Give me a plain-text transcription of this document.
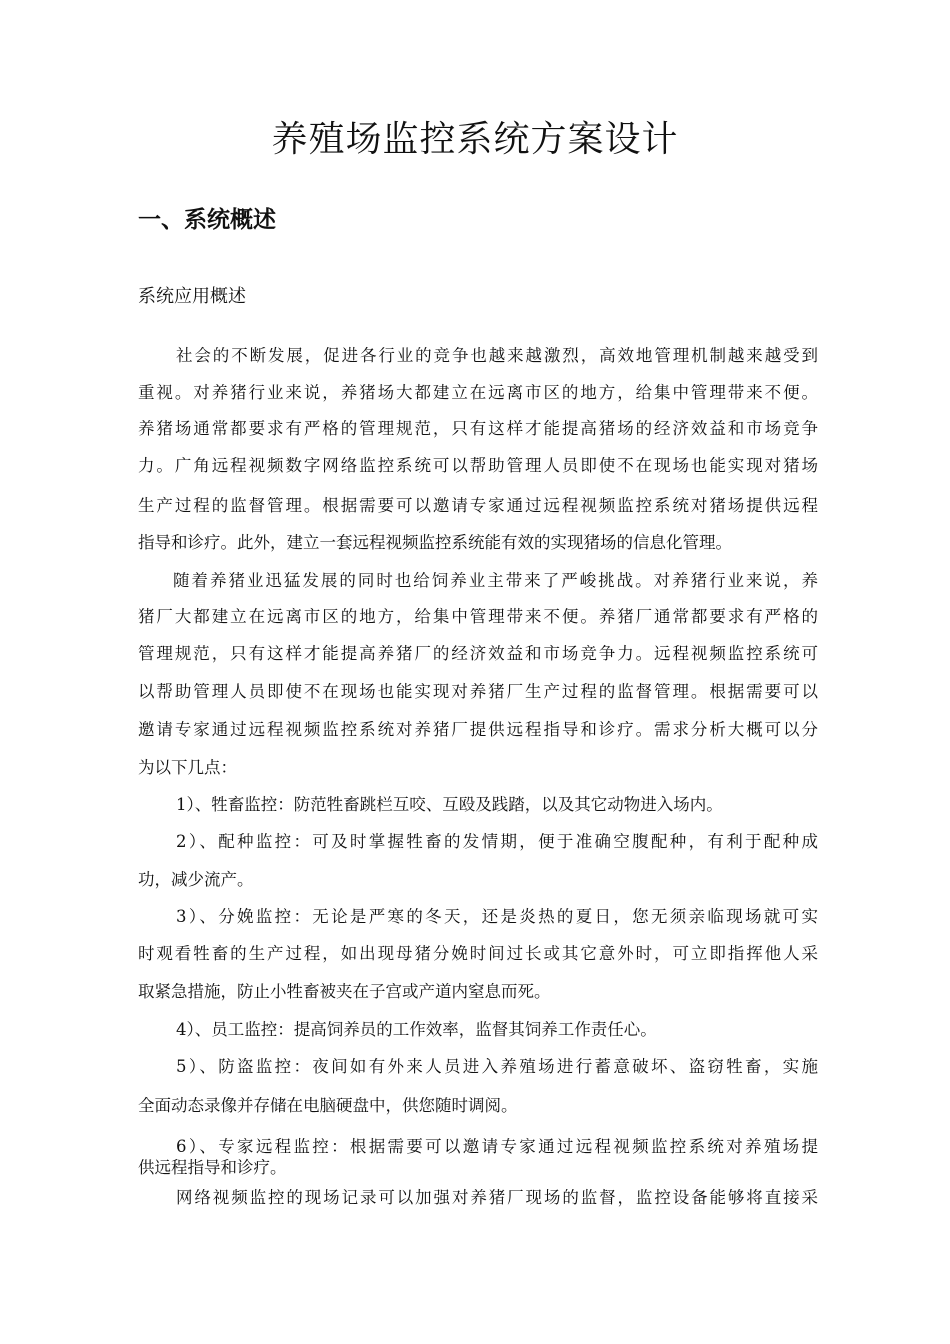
养殖场监控系统方案设计
一、系统概述
系统应用概述
社会的不断发展，促进各行业的竞争也越来越激烈，高效地管理机制越来越受到
重视。对养猪行业来说，养猪场大都建立在远离市区的地方，给集中管理带来不便。
养猪场通常都要求有严格的管理规范，只有这样才能提高猪场的经济效益和市场竞争
力。广角远程视频数字网络监控系统可以帮助管理人员即使不在现场也能实现对猪场
生产过程的监督管理。根据需要可以邀请专家通过远程视频监控系统对猪场提供远程
指导和诊疗。此外，建立一套远程视频监控系统能有效的实现猪场的信息化管理。
随着养猪业迅猛发展的同时也给饲养业主带来了严峻挑战。对养猪行业来说，养
猪厂大都建立在远离市区的地方，给集中管理带来不便。养猪厂通常都要求有严格的
管理规范，只有这样才能提高养猪厂的经济效益和市场竞争力。远程视频监控系统可
以帮助管理人员即使不在现场也能实现对养猪厂生产过程的监督管理。根据需要可以
邀请专家通过远程视频监控系统对养猪厂提供远程指导和诊疗。需求分析大概可以分
为以下几点：
1）、牲畜监控：防范牲畜跳栏互咬、互殴及践踏，以及其它动物进入场内。
2）、配种监控：可及时掌握牲畜的发情期，便于准确空腹配种，有利于配种成
功，减少流产。
3）、分娩监控：无论是严寒的冬天，还是炎热的夏日，您无须亲临现场就可实
时观看牲畜的生产过程，如出现母猪分娩时间过长或其它意外时，可立即指挥他人采
取紧急措施，防止小牲畜被夹在子宫或产道内窒息而死。
4）、员工监控：提高饲养员的工作效率，监督其饲养工作责任心。
5）、防盗监控：夜间如有外来人员进入养殖场进行蓄意破坏、盗窃牲畜，实施
全面动态录像并存储在电脑硬盘中，供您随时调阅。
6）、专家远程监控：根据需要可以邀请专家通过远程视频监控系统对养殖场提
供远程指导和诊疗。
网络视频监控的现场记录可以加强对养猪厂现场的监督，监控设备能够将直接采
